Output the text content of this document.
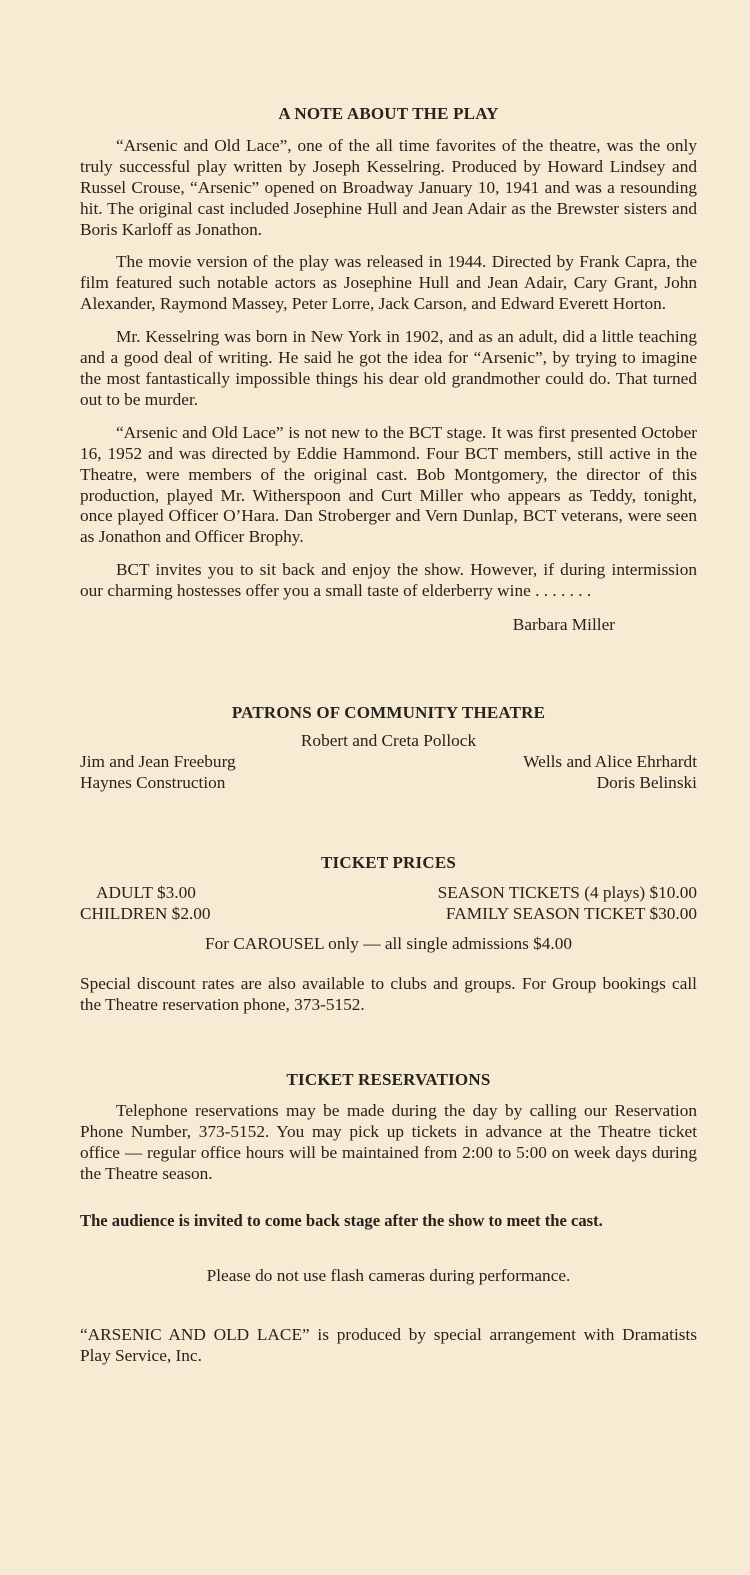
A NOTE ABOUT THE PLAY

“Arsenic and Old Lace”, one of the all time favorites of the theatre, was the only truly successful play written by Joseph Kesselring. Produced by Howard Lindsey and Russel Crouse, “Arsenic” opened on Broadway January 10, 1941 and was a resounding hit. The original cast included Josephine Hull and Jean Adair as the Brewster sisters and Boris Karloff as Jonathon.

The movie version of the play was released in 1944. Directed by Frank Capra, the film featured such notable actors as Josephine Hull and Jean Adair, Cary Grant, John Alexander, Raymond Massey, Peter Lorre, Jack Carson, and Edward Everett Horton.

Mr. Kesselring was born in New York in 1902, and as an adult, did a little teaching and a good deal of writing. He said he got the idea for “Arsenic”, by trying to imagine the most fantastically impossible things his dear old grandmother could do. That turned out to be murder.

“Arsenic and Old Lace” is not new to the BCT stage. It was first presented October 16, 1952 and was directed by Eddie Hammond. Four BCT members, still active in the Theatre, were members of the original cast. Bob Montgomery, the director of this production, played Mr. Witherspoon and Curt Miller who appears as Teddy, tonight, once played Officer O’Hara. Dan Stroberger and Vern Dunlap, BCT veterans, were seen as Jonathon and Officer Brophy.

BCT invites you to sit back and enjoy the show. However, if during intermission our charming hostesses offer you a small taste of elderberry wine . . . . . . .

Barbara Miller

PATRONS OF COMMUNITY THEATRE

Robert and Creta Pollock

Jim and Jean Freeburg	Wells and Alice Ehrhardt
Haynes Construction	Doris Belinski
TICKET PRICES
ADULT $3.00
CHILDREN $2.00
SEASON TICKETS (4 plays) $10.00
FAMILY SEASON TICKET $30.00

For CAROUSEL only — all single admissions $4.00

Special discount rates are also available to clubs and groups. For Group bookings call the Theatre reservation phone, 373-5152.

TICKET RESERVATIONS

Telephone reservations may be made during the day by calling our Reservation Phone Number, 373-5152. You may pick up tickets in advance at the Theatre ticket office — regular office hours will be maintained from 2:00 to 5:00 on week days during the Theatre season.

The audience is invited to come back stage after the show to meet the cast.

Please do not use flash cameras during performance.

“ARSENIC AND OLD LACE” is produced by special arrangement with Dramatists Play Service, Inc.
